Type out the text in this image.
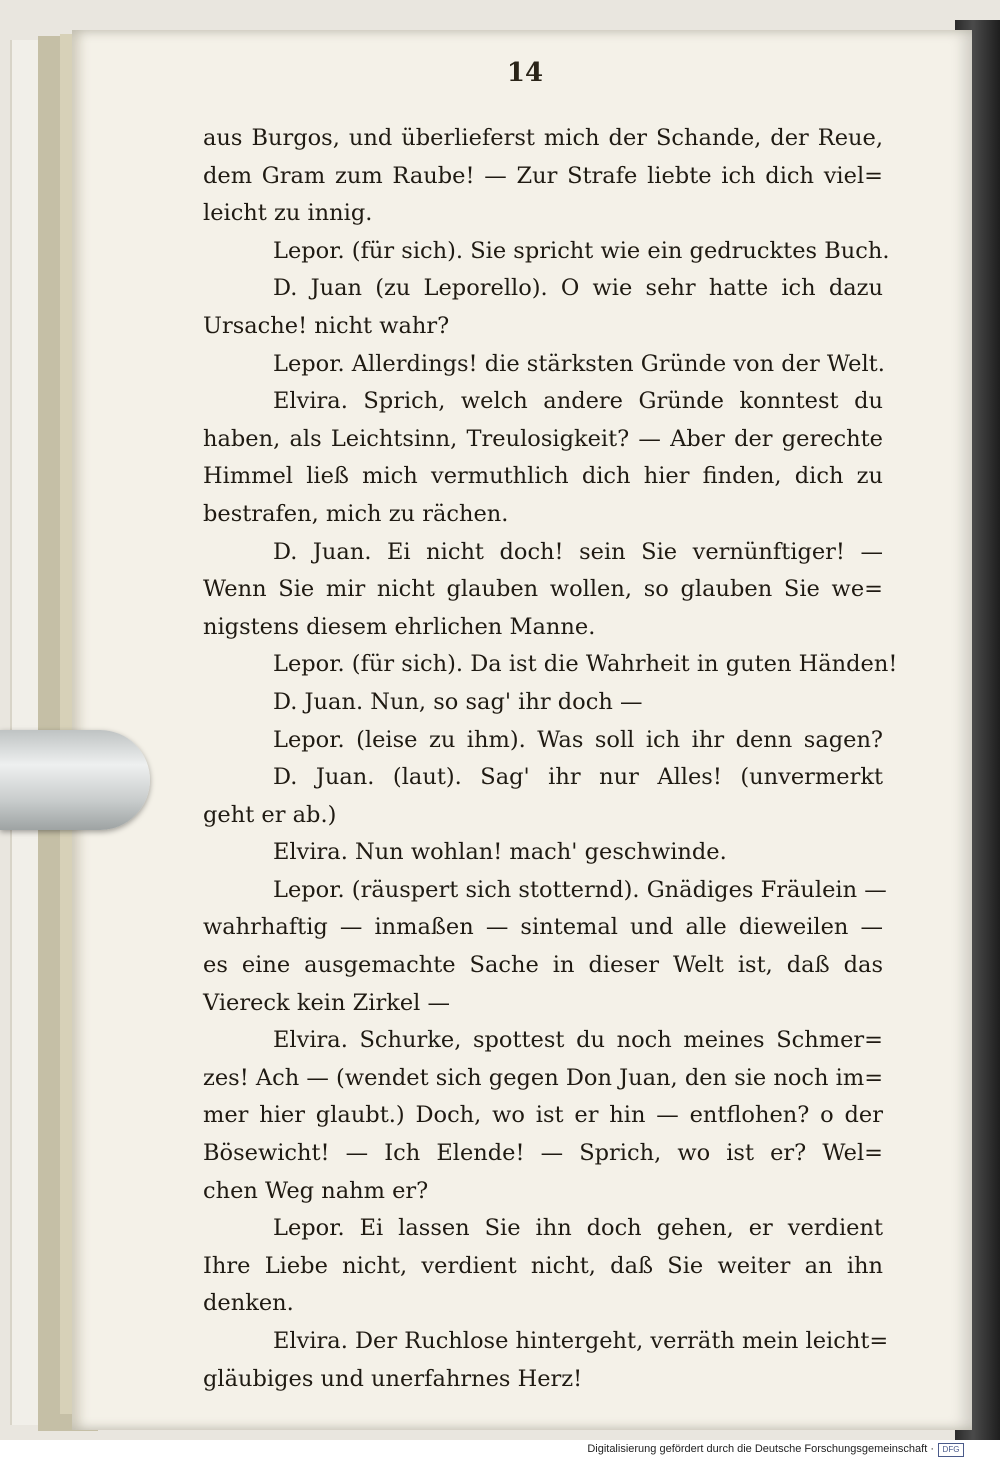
14
aus Burgos, und überlieferst mich der Schande, der Reue,
dem Gram zum Raube! — Zur Strafe liebte ich dich viel=
leicht zu innig.
Lepor. (für sich). Sie spricht wie ein gedrucktes Buch.
D. Juan (zu Leporello). O wie sehr hatte ich dazu
Ursache! nicht wahr?
Lepor. Allerdings! die stärksten Gründe von der Welt.
Elvira. Sprich, welch andere Gründe konntest du
haben, als Leichtsinn, Treulosigkeit? — Aber der gerechte
Himmel ließ mich vermuthlich dich hier finden, dich zu
bestrafen, mich zu rächen.
D. Juan. Ei nicht doch! sein Sie vernünftiger! —
Wenn Sie mir nicht glauben wollen, so glauben Sie we=
nigstens diesem ehrlichen Manne.
Lepor. (für sich). Da ist die Wahrheit in guten Händen!
D. Juan. Nun, so sag' ihr doch —
Lepor. (leise zu ihm). Was soll ich ihr denn sagen?
D. Juan. (laut). Sag' ihr nur Alles! (unvermerkt
geht er ab.)
Elvira. Nun wohlan! mach' geschwinde.
Lepor. (räuspert sich stotternd). Gnädiges Fräulein —
wahrhaftig — inmaßen — sintemal und alle dieweilen —
es eine ausgemachte Sache in dieser Welt ist, daß das
Viereck kein Zirkel —
Elvira. Schurke, spottest du noch meines Schmer=
zes! Ach — (wendet sich gegen Don Juan, den sie noch im=
mer hier glaubt.) Doch, wo ist er hin — entflohen? o der
Bösewicht! — Ich Elende! — Sprich, wo ist er? Wel=
chen Weg nahm er?
Lepor. Ei lassen Sie ihn doch gehen, er verdient
Ihre Liebe nicht, verdient nicht, daß Sie weiter an ihn
denken.
Elvira. Der Ruchlose hintergeht, verräth mein leicht=
gläubiges und unerfahrnes Herz!
Digitalisierung gefördert durch die Deutsche Forschungsgemeinschaft ·	DFG
